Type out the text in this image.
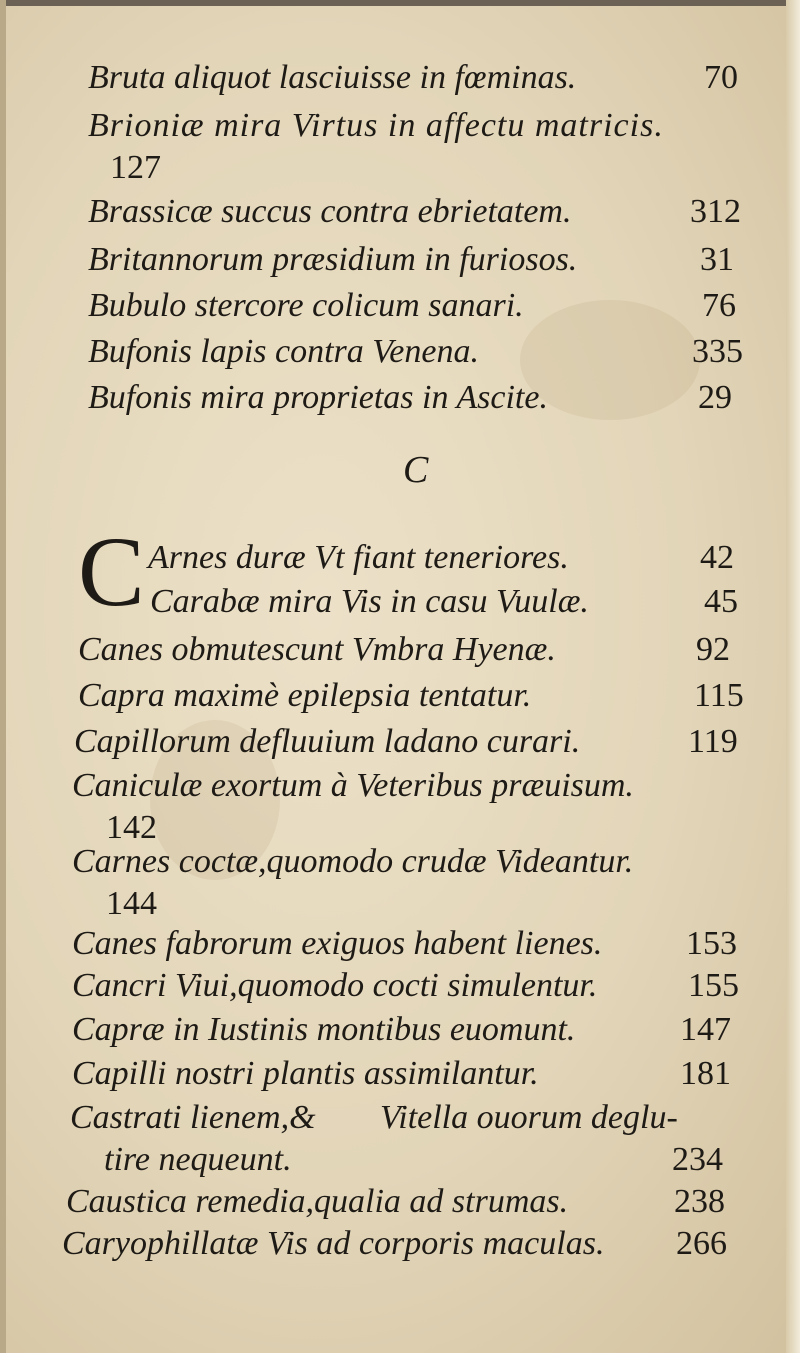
Bruta aliquot lasciuisse in fœminas.	70
Brioniæ mira Virtus in affectu matricis.
127
Brassicæ succus contra ebrietatem.	312
Britannorum præsidium in furiosos.	31
Bubulo stercore colicum sanari.	76
Bufonis lapis contra Venena.	335
Bufonis mira proprietas in Ascite.	29
C
C Arnes duræ Vt fiant teneriores.	42
Carabæ mira Vis in casu Vuulæ.	45
Canes obmutescunt Vmbra Hyenæ.	92
Capra maximè epilepsia tentatur.	115
Capillorum defluuium ladano curari.	119
Caniculæ exortum à Veteribus præuisum.
142
Carnes coctæ,quomodo crudæ Videantur.
144
Canes fabrorum exiguos habent lienes. 153
Cancri Viui,quomodo cocti simulentur.	155
Capræ in Iustinis montibus euomunt.	147
Capilli nostri plantis assimilantur.	181
Castrati lienem,& Vitella ouorum deglu-
tire nequeunt.	234
Caustica remedia,qualia ad strumas.	238
Caryophillatæ Vis ad corporis maculas. 266
